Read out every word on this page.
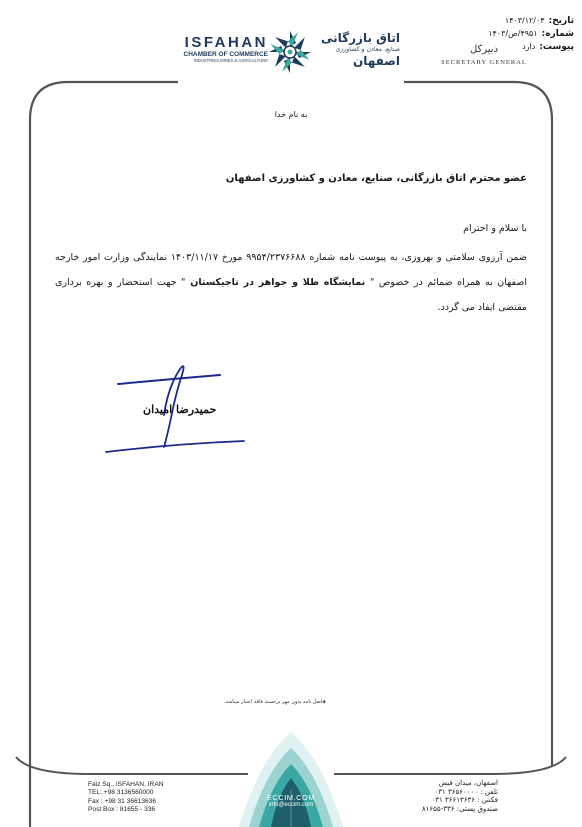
تاریخ:
۱۴۰۳/۱۲/۰۴
شماره:
۴۹۵۱/ص/۱۴۰۳
پیوست:
دارد
ISFAHAN
CHAMBER OF COMMERCE
INDUSTRIES,MINES & AGRICULTURE
اتاق بازرگانی
صنایع، معادن و کشاورزی
اصفهان
دبیرکل
SECRETARY GENERAL
به نام خدا
عضو محترم اتاق بازرگانی، صنایع، معادن و کشاورزی اصفهان
با سلام و احترام
ضمن آرزوی سلامتی و بهروزی، به پیوست نامه شماره ۹۹۵۴/۲۳۷۶۶۸۸ مورخ ۱۴۰۳/۱۱/۱۷ نمایندگی وزارت امور خارجه اصفهان به همراه ضمائم در خصوص " نمایشگاه طلا و جواهر در تاجیکستان " جهت استحضار و بهره برداری مقتضی ایفاد می گردد.
حمیدرضا امیدان
◈اصل نامه بدون مهر برجسته فاقد اعتبار میباشد.
Faiz Sq., ISFAHAN, IRAN
TEL: +98 3136560000
Fax : +98 31 36613636
Post Box : 81655 - 336
ECCIM.COM
info@eccim.com
اصفهان، میدان فیض
تلفن : ۳۶۵۶۰۰۰۰ ۰۳۱
فکس : ۳۶۶۱۳۶۳۶ ۰۳۱
صندوق پستی: ۳۳۶-۸۱۶۵۵
